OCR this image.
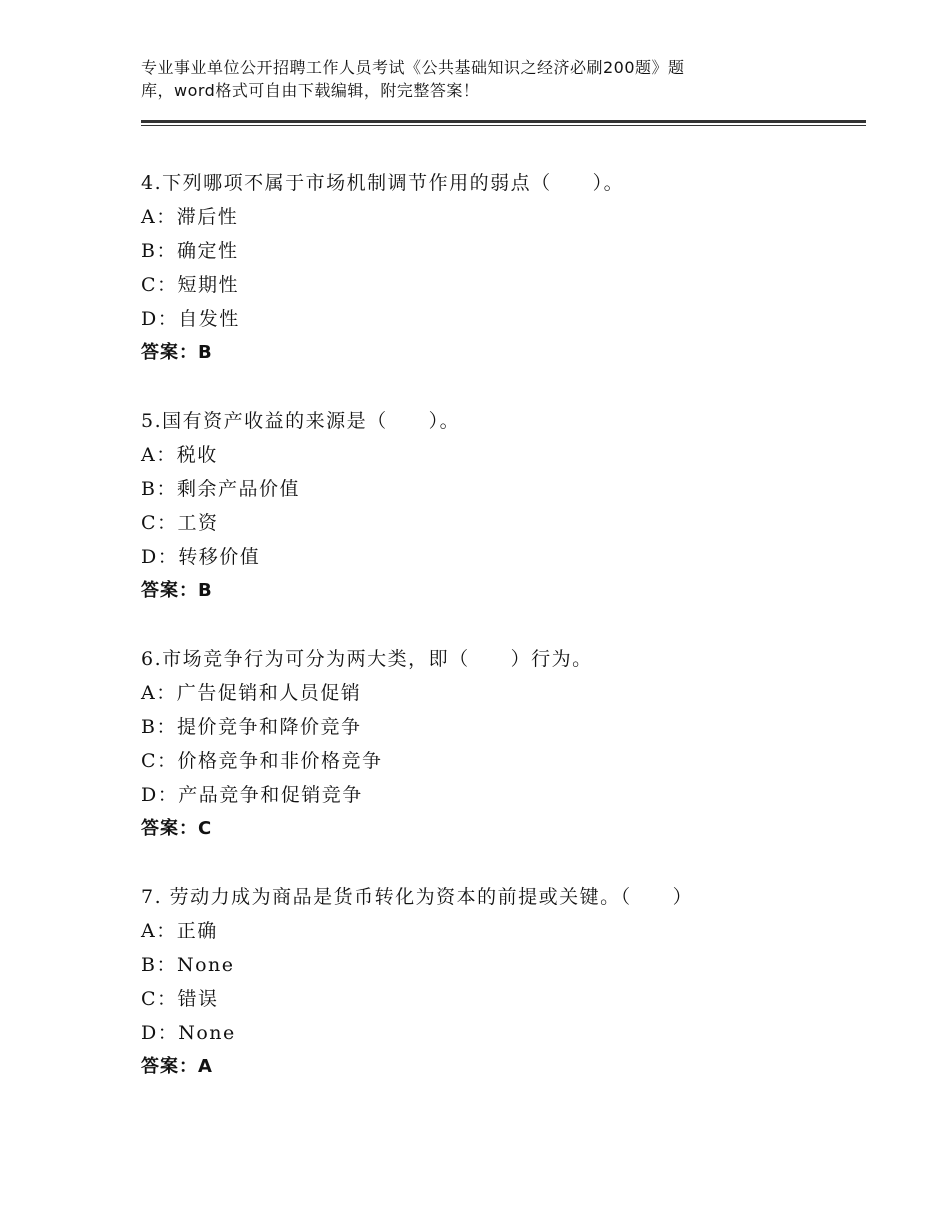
专业事业单位公开招聘工作人员考试《公共基础知识之经济必刷200题》题
库，word格式可自由下载编辑，附完整答案！
4.下列哪项不属于市场机制调节作用的弱点（　　）。
A：滞后性
B：确定性
C：短期性
D：自发性
答案：B
5.国有资产收益的来源是（　　）。
A：税收
B：剩余产品价值
C：工资
D：转移价值
答案：B
6.市场竞争行为可分为两大类，即（　　）行为。
A：广告促销和人员促销
B：提价竞争和降价竞争
C：价格竞争和非价格竞争
D：产品竞争和促销竞争
答案：C
7. 劳动力成为商品是货币转化为资本的前提或关键。（　　）
A：正确
B：None
C：错误
D：None
答案：A
